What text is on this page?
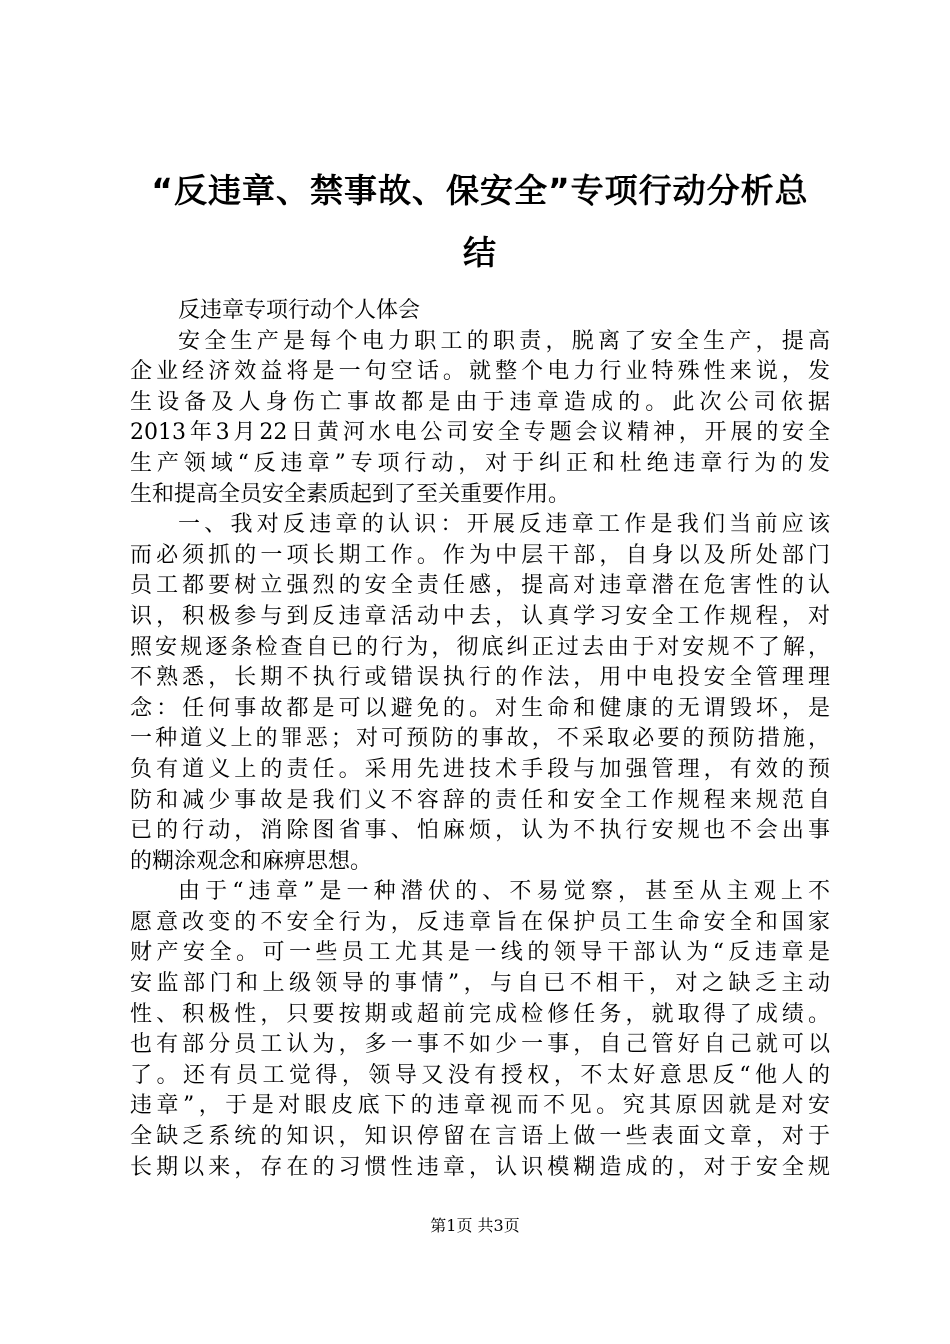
“反违章、禁事故、保安全”专项行动分析总
结
反违章专项行动个人体会
安全生产是每个电力职工的职责，脱离了安全生产，提高
企业经济效益将是一句空话。就整个电力行业特殊性来说，发
生设备及人身伤亡事故都是由于违章造成的。此次公司依据
2013年3月22日黄河水电公司安全专题会议精神，开展的安全
生产领域“反违章”专项行动，对于纠正和杜绝违章行为的发
生和提高全员安全素质起到了至关重要作用。
一、我对反违章的认识：开展反违章工作是我们当前应该
而必须抓的一项长期工作。作为中层干部，自身以及所处部门
员工都要树立强烈的安全责任感，提高对违章潜在危害性的认
识，积极参与到反违章活动中去，认真学习安全工作规程，对
照安规逐条检查自已的行为，彻底纠正过去由于对安规不了解，
不熟悉，长期不执行或错误执行的作法，用中电投安全管理理
念：任何事故都是可以避免的。对生命和健康的无谓毁坏，是
一种道义上的罪恶；对可预防的事故，不采取必要的预防措施，
负有道义上的责任。采用先进技术手段与加强管理，有效的预
防和减少事故是我们义不容辞的责任和安全工作规程来规范自
已的行动，消除图省事、怕麻烦，认为不执行安规也不会出事
的糊涂观念和麻痹思想。
由于“违章”是一种潜伏的、不易觉察，甚至从主观上不
愿意改变的不安全行为，反违章旨在保护员工生命安全和国家
财产安全。可一些员工尤其是一线的领导干部认为“反违章是
安监部门和上级领导的事情”，与自已不相干，对之缺乏主动
性、积极性，只要按期或超前完成检修任务，就取得了成绩。
也有部分员工认为，多一事不如少一事，自己管好自己就可以
了。还有员工觉得，领导又没有授权，不太好意思反“他人的
违章”，于是对眼皮底下的违章视而不见。究其原因就是对安
全缺乏系统的知识，知识停留在言语上做一些表面文章，对于
长期以来，存在的习惯性违章，认识模糊造成的，对于安全规
第1页 共3页
